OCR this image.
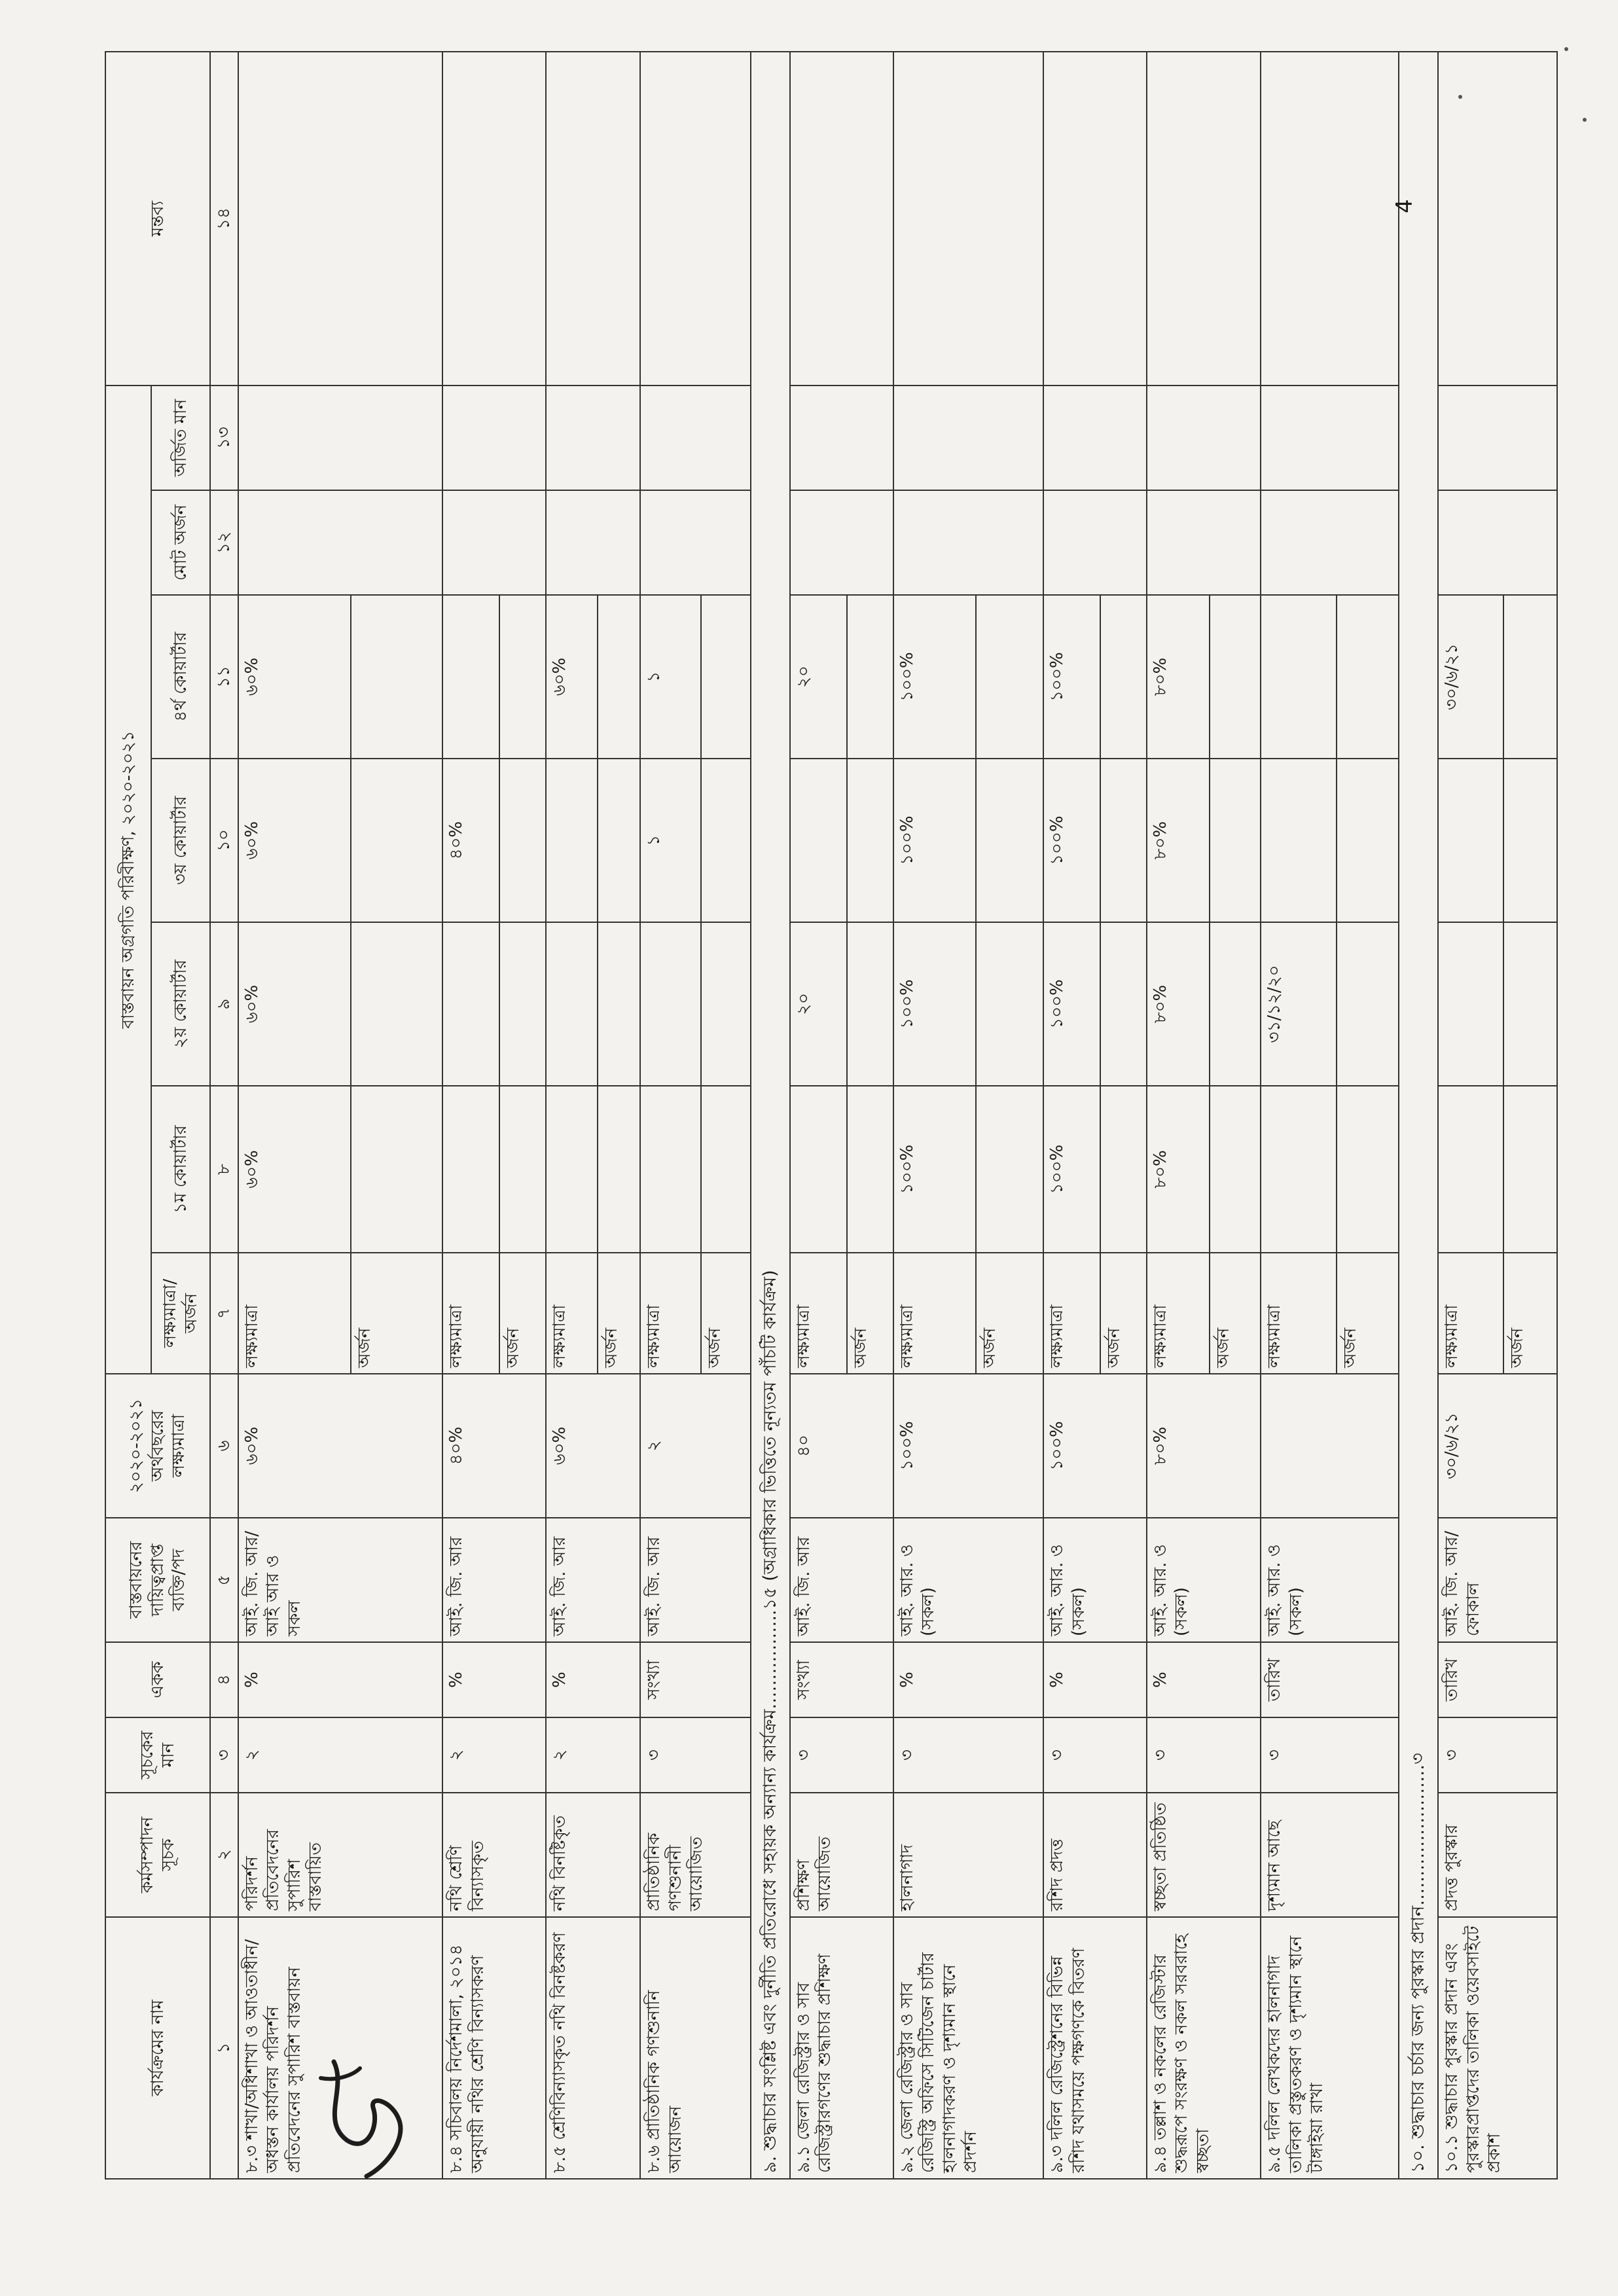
কার্যক্রমের নাম	কর্মসম্পাদন সূচক	সূচকের মান	একক	বাস্তবায়নের দায়িত্বপ্রাপ্ত ব্যক্তি/পদ	২০২০-২০২১ অর্থবছরের লক্ষ্যমাত্রা	বাস্তবায়ন অগ্রগতি পরিবীক্ষণ, ২০২০-২০২১							মন্তব্য
						লক্ষ্যমাত্রা/ অর্জন	১ম কোয়ার্টার	২য় কোয়ার্টার	৩য় কোয়ার্টার	৪র্থ কোয়ার্টার	মোট অর্জন	অর্জিত মান	
১	২	৩	৪	৫	৬	৭	৮	৯	১০	১১	১২	১৩	১৪
৮.৩ শাখা/অধিশাখা ও আওতাধীন/অধস্তন কার্যালয় পরিদর্শন প্রতিবেদনের সুপারিশ বাস্তবায়ন	পরিদর্শন প্রতিবেদনের সুপারিশ বাস্তবায়িত	২	%	আই. জি. আর/ আই আর ও সকল	৬০%	লক্ষ্যমাত্রা	৬০%	৬০%	৬০%	৬০%			
						অর্জন							
৮.৪ সচিবালয় নির্দেশমালা, ২০১৪ অনুযায়ী নথির শ্রেণি বিন্যাসকরণ	নথি শ্রেণি বিন্যাসকৃত	২	%	আই. জি. আর	৪০%	লক্ষ্যমাত্রা			৪০%				
						অর্জন							
৮.৫ শ্রেণিবিন্যাসকৃত নথি বিনষ্টকরণ	নথি বিনষ্টিকৃত	২	%	আই. জি. আর	৬০%	লক্ষ্যমাত্রা				৬০%			
						অর্জন							
৮.৬ প্রাতিষ্ঠানিক গণশুনানি আয়োজন	প্রাতিষ্ঠানিক গণশুনানী আয়োজিত	৩	সংখ্যা	আই. জি. আর	২	লক্ষ্যমাত্রা			১	১			
						অর্জন							
৯. শুদ্ধাচার সংশ্লিষ্ট এবং দুর্নীতি প্রতিরোধে সহায়ক অন্যান্য কার্যক্রম……………..১৫ (অগ্রাধিকার ভিত্তিতে নূন্যতম পাঁচটি কার্যক্রম)													
৯.১ জেলা রেজিস্ট্রার ও সাব রেজিস্ট্রারগণের শুদ্ধাচার প্রশিক্ষণ	প্রশিক্ষণ আয়োজিত	৩	সংখ্যা	আই. জি. আর	৪০	লক্ষ্যমাত্রা		২০		২০			
						অর্জন							
৯.২ জেলা রেজিস্ট্রার ও সাব রেজিস্ট্রি অফিসে সিটিজেন চার্টার হালনাগাদকরণ ও দৃশ্যমান স্থানে প্রদর্শন	হালনাগাদ	৩	%	আই. আর. ও (সকল)	১০০%	লক্ষ্যমাত্রা	১০০%	১০০%	১০০%	১০০%			
						অর্জন							
৯.৩ দলিল রেজিস্ট্রেশনের বিভিন্ন রশিদ যথাসময়ে পক্ষগণকে বিতরণ	রশিদ প্রদত্ত	৩	%	আই. আর. ও (সকল)	১০০%	লক্ষ্যমাত্রা	১০০%	১০০%	১০০%	১০০%			
						অর্জন							
৯.৪ তল্লাশ ও নকলের রেজিস্টার শুদ্ধরূপে সংরক্ষণ ও নকল সরবরাহে স্বচ্ছতা	স্বচ্ছতা প্রতিষ্ঠিত	৩	%	আই. আর. ও (সকল)	৮০%	লক্ষ্যমাত্রা	৮০%	৮০%	৮০%	৮০%			
						অর্জন							
৯.৫ দলিল লেখকদের হালনাগাদ তালিকা প্রস্তুতকরণ ও দৃশ্যমান স্থানে টাঙ্গাইয়া রাখা	দৃশ্যমান আছে	৩	তারিখ	আই. আর. ও (সকল)		লক্ষ্যমাত্রা		৩১/১২/২০					
						অর্জন							
১০. শুদ্ধাচার চর্চার জন্য পুরস্কার প্রদান……………………৩													
১০.১ শুদ্ধাচার পুরস্কার প্রদান এবং পুরস্কারপ্রাপ্তদের তালিকা ওয়েবসাইটে প্রকাশ	প্রদত্ত পুরস্কার	৩	তারিখ	আই. জি. আর/ ফোকাল	৩০/৬/২১	লক্ষ্যমাত্রা				৩০/৬/২১			
						অর্জন							
4
